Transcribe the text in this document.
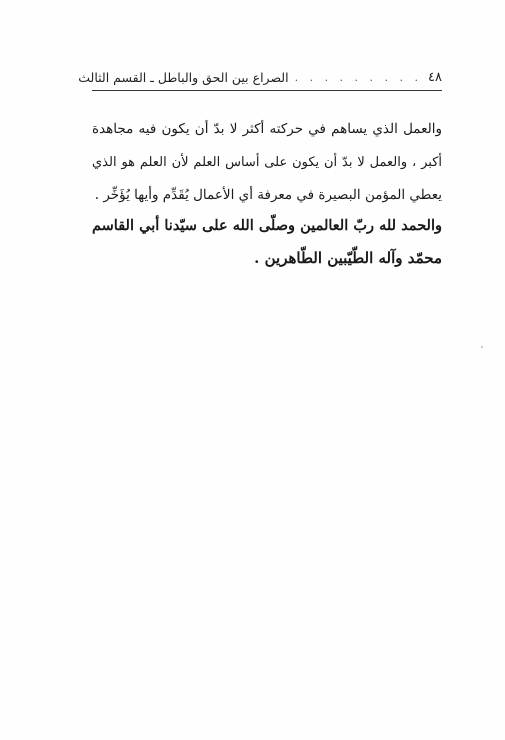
٤٨
. . . . . . . . .
الصراع بين الحق والباطل ـ القسم الثالث
والعمل الذي يساهم في حركته أكثر لا بدّ أن يكون فيه مجاهدة
أكبر ، والعمل لا بدّ أن يكون على أساس العلم لأن العلم هو الذي
يعطي المؤمن البصيرة في معرفة أي الأعمال يُقَدِّم وأيها يُؤَخِّر .
والحمد لله ربّ العالمين وصلّى الله على سيّدنا أبي القاسم
محمّد وآله الطّيّبين الطّاهرين .
